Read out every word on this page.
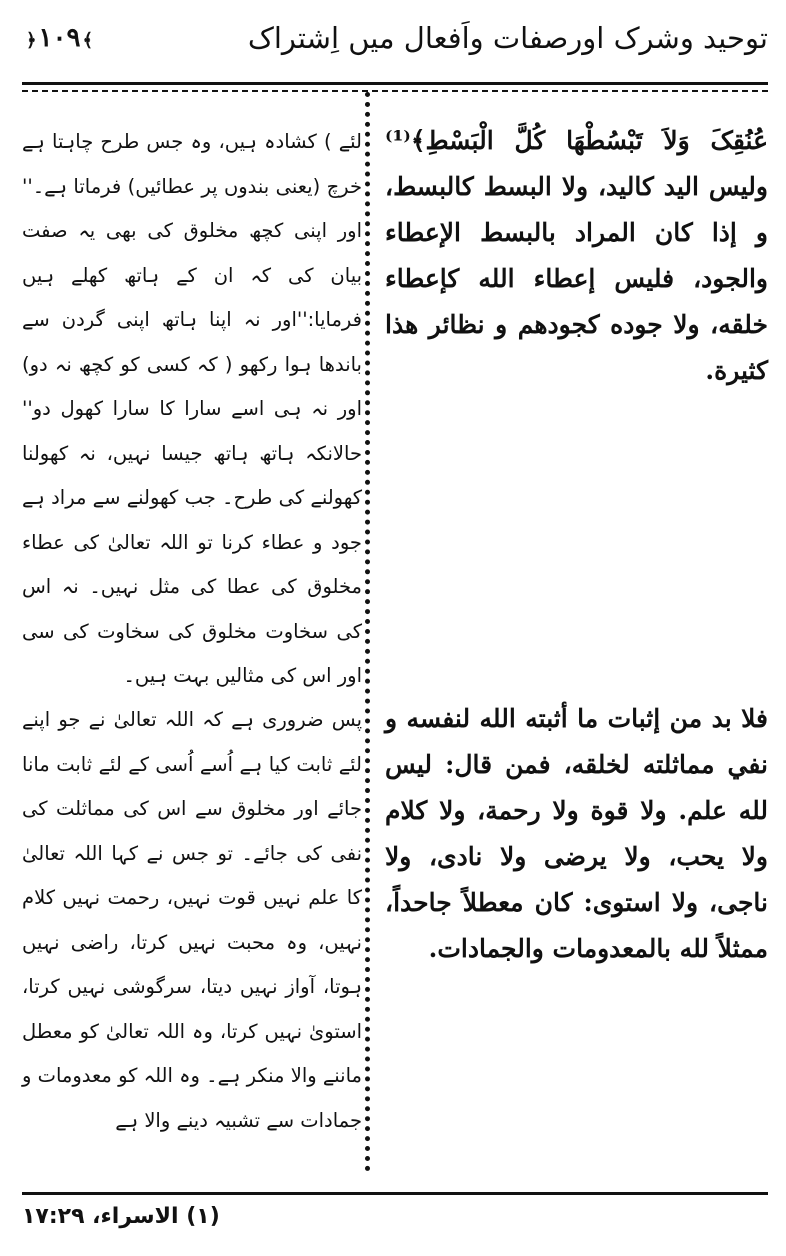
﴿١٠٩ ﴾	توحید وشرک اورصفات واَفعال میں اِشتراک

عُنُقِکَ وَلاَ تَبْسُطْهَا كُلَّ الْبَسْطِ﴾⁽¹⁾ وليس اليد كاليد، ولا البسط كالبسط، و إذا كان المراد بالبسط الإعطاء والجود، فليس إعطاء الله كإعطاء خلقه، ولا جوده كجودهم و نظائر هذا كثيرة.

لئے ) کشادہ ہیں، وہ جس طرح چاہتا ہے خرچ (یعنی بندوں پر عطائیں) فرماتا ہے۔'' اور اپنی کچھ مخلوق کی بھی یہ صفت بیان کی کہ ان کے ہاتھ کھلے ہیں فرمایا:''اور نہ اپنا ہاتھ اپنی گردن سے باندھا ہوا رکھو ( کہ کسی کو کچھ نہ دو) اور نہ ہی اسے سارا کا سارا کھول دو'' حالانکہ ہاتھ ہاتھ جیسا نہیں، نہ کھولنا کھولنے کی طرح۔ جب کھولنے سے مراد ہے جود و عطاء کرنا تو اللہ تعالیٰ کی عطاء مخلوق کی عطا کی مثل نہیں۔ نہ اس کی سخاوت مخلوق کی سخاوت کی سی اور اس کی مثالیں بہت ہیں۔

فلا بد من إثبات ما أثبته الله لنفسه و نفي مماثلته لخلقه، فمن قال: ليس لله علم. ولا قوة ولا رحمة، ولا كلام ولا يحب، ولا يرضى ولا نادى، ولا ناجى، ولا استوى: كان معطلاً جاحداً، ممثلاً لله بالمعدومات والجمادات.

پس ضروری ہے کہ اللہ تعالیٰ نے جو اپنے لئے ثابت کیا ہے اُسے اُسی کے لئے ثابت مانا جائے اور مخلوق سے اس کی مماثلت کی نفی کی جائے۔ تو جس نے کہا اللہ تعالیٰ کا علم نہیں قوت نہیں، رحمت نہیں کلام نہیں، وہ محبت نہیں کرتا، راضی نہیں ہوتا، آواز نہیں دیتا، سرگوشی نہیں کرتا، استویٰ نہیں کرتا، وہ اللہ تعالیٰ کو معطل ماننے والا منکر ہے۔ وہ اللہ کو معدومات و جمادات سے تشبیہ دینے والا ہے

(١) الاسراء، ١٧:٢٩
